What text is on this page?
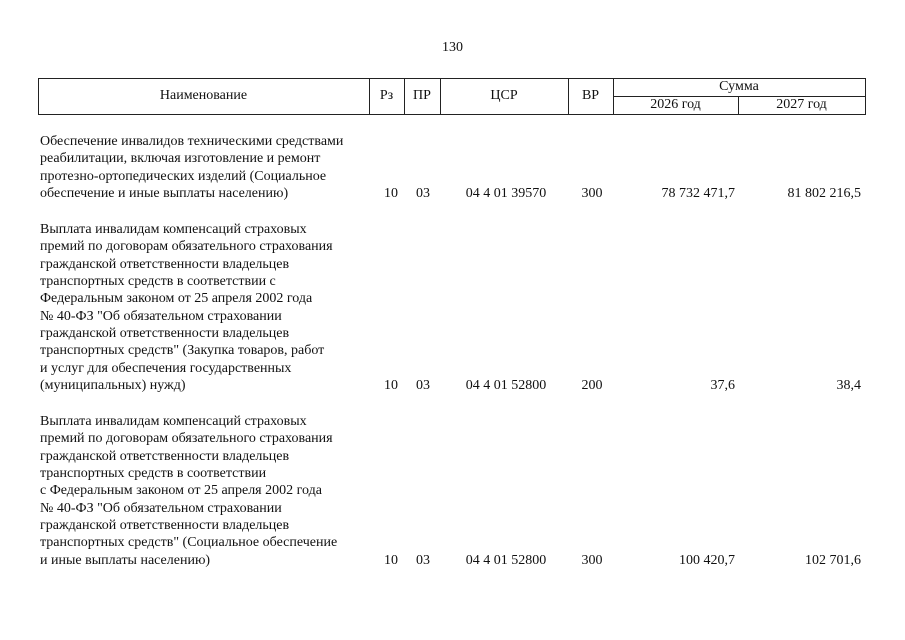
130
Наименование	Рз	ПР	ЦСР	ВР
Сумма
2026 год	2027 год
Обеспечение инвалидов техническими средствами
реабилитации, включая изготовление и ремонт
протезно-ортопедических изделий (Социальное
обеспечение и иные выплаты населению)	10	03	04 4 01 39570	300	78 732 471,7	81 802 216,5
Выплата инвалидам компенсаций страховых
премий по договорам обязательного страхования
гражданской ответственности владельцев
транспортных средств в соответствии с
Федеральным законом от 25 апреля 2002 года
№ 40-ФЗ "Об обязательном страховании
гражданской ответственности владельцев
транспортных средств" (Закупка товаров, работ
и услуг для обеспечения государственных
(муниципальных) нужд)	10	03	04 4 01 52800	200	37,6	38,4
Выплата инвалидам компенсаций страховых
премий по договорам обязательного страхования
гражданской ответственности владельцев
транспортных средств в соответствии
с Федеральным законом от 25 апреля 2002 года
№ 40-ФЗ "Об обязательном страховании
гражданской ответственности владельцев
транспортных средств" (Социальное обеспечение
и иные выплаты населению)	10	03	04 4 01 52800	300	100 420,7	102 701,6
